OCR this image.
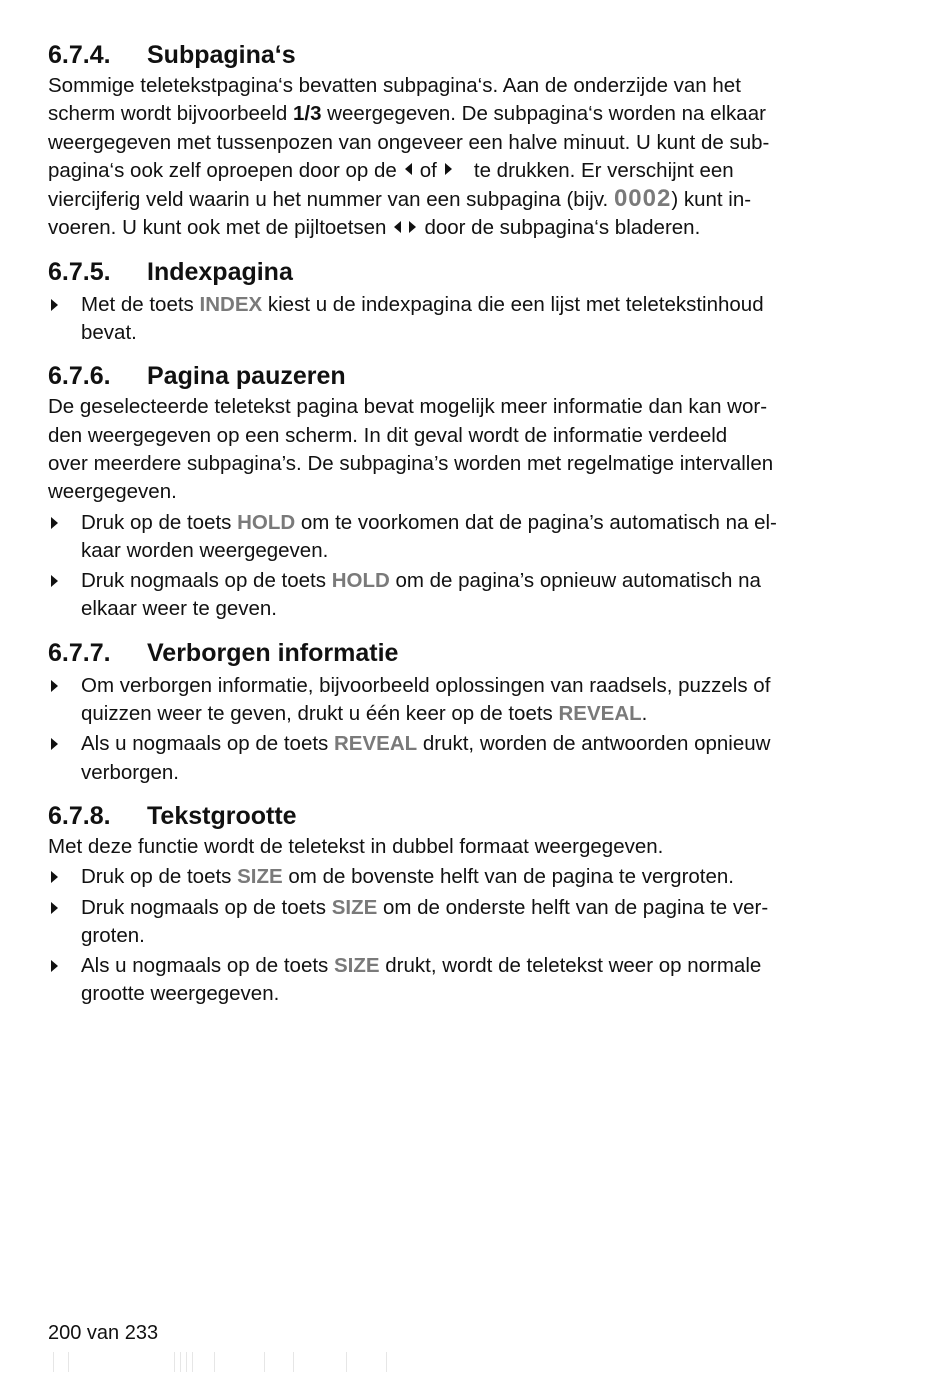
6.7.4.	Subpagina‘s

Sommige teletekstpagina‘s bevatten subpagina‘s. Aan de onderzijde van het
scherm wordt bijvoorbeeld 1/3 weergegeven. De subpagina‘s worden na elkaar
weergegeven met tussenpozen van ongeveer een halve minuut. U kunt de sub-
pagina‘s ook zelf oproepen door op de of te drukken. Er verschijnt een
viercijferig veld waarin u het nummer van een subpagina (bijv. 0002) kunt in-
voeren. U kunt ook met de pijltoetsen door de subpagina‘s bladeren.

6.7.5.	Indexpagina
Met de toets INDEX kiest u de indexpagina die een lijst met teletekstinhoud
bevat.
6.7.6.	Pagina pauzeren

De geselecteerde teletekst pagina bevat mogelijk meer informatie dan kan wor-
den weergegeven op een scherm. In dit geval wordt de informatie verdeeld
over meerdere subpagina’s. De subpagina’s worden met regelmatige intervallen
weergegeven.

Druk op de toets HOLD om te voorkomen dat de pagina’s automatisch na el-
kaar worden weergegeven.
Druk nogmaals op de toets HOLD om de pagina’s opnieuw automatisch na
elkaar weer te geven.
6.7.7.	Verborgen informatie
Om verborgen informatie, bijvoorbeeld oplossingen van raadsels, puzzels of
quizzen weer te geven, drukt u één keer op de toets REVEAL.
Als u nogmaals op de toets REVEAL drukt, worden de antwoorden opnieuw
verborgen.
6.7.8.	Tekstgrootte

Met deze functie wordt de teletekst in dubbel formaat weergegeven.

Druk op de toets SIZE om de bovenste helft van de pagina te vergroten.
Druk nogmaals op de toets SIZE om de onderste helft van de pagina te ver-
groten.
Als u nogmaals op de toets SIZE drukt, wordt de teletekst weer op normale
grootte weergegeven.
200 van 233
